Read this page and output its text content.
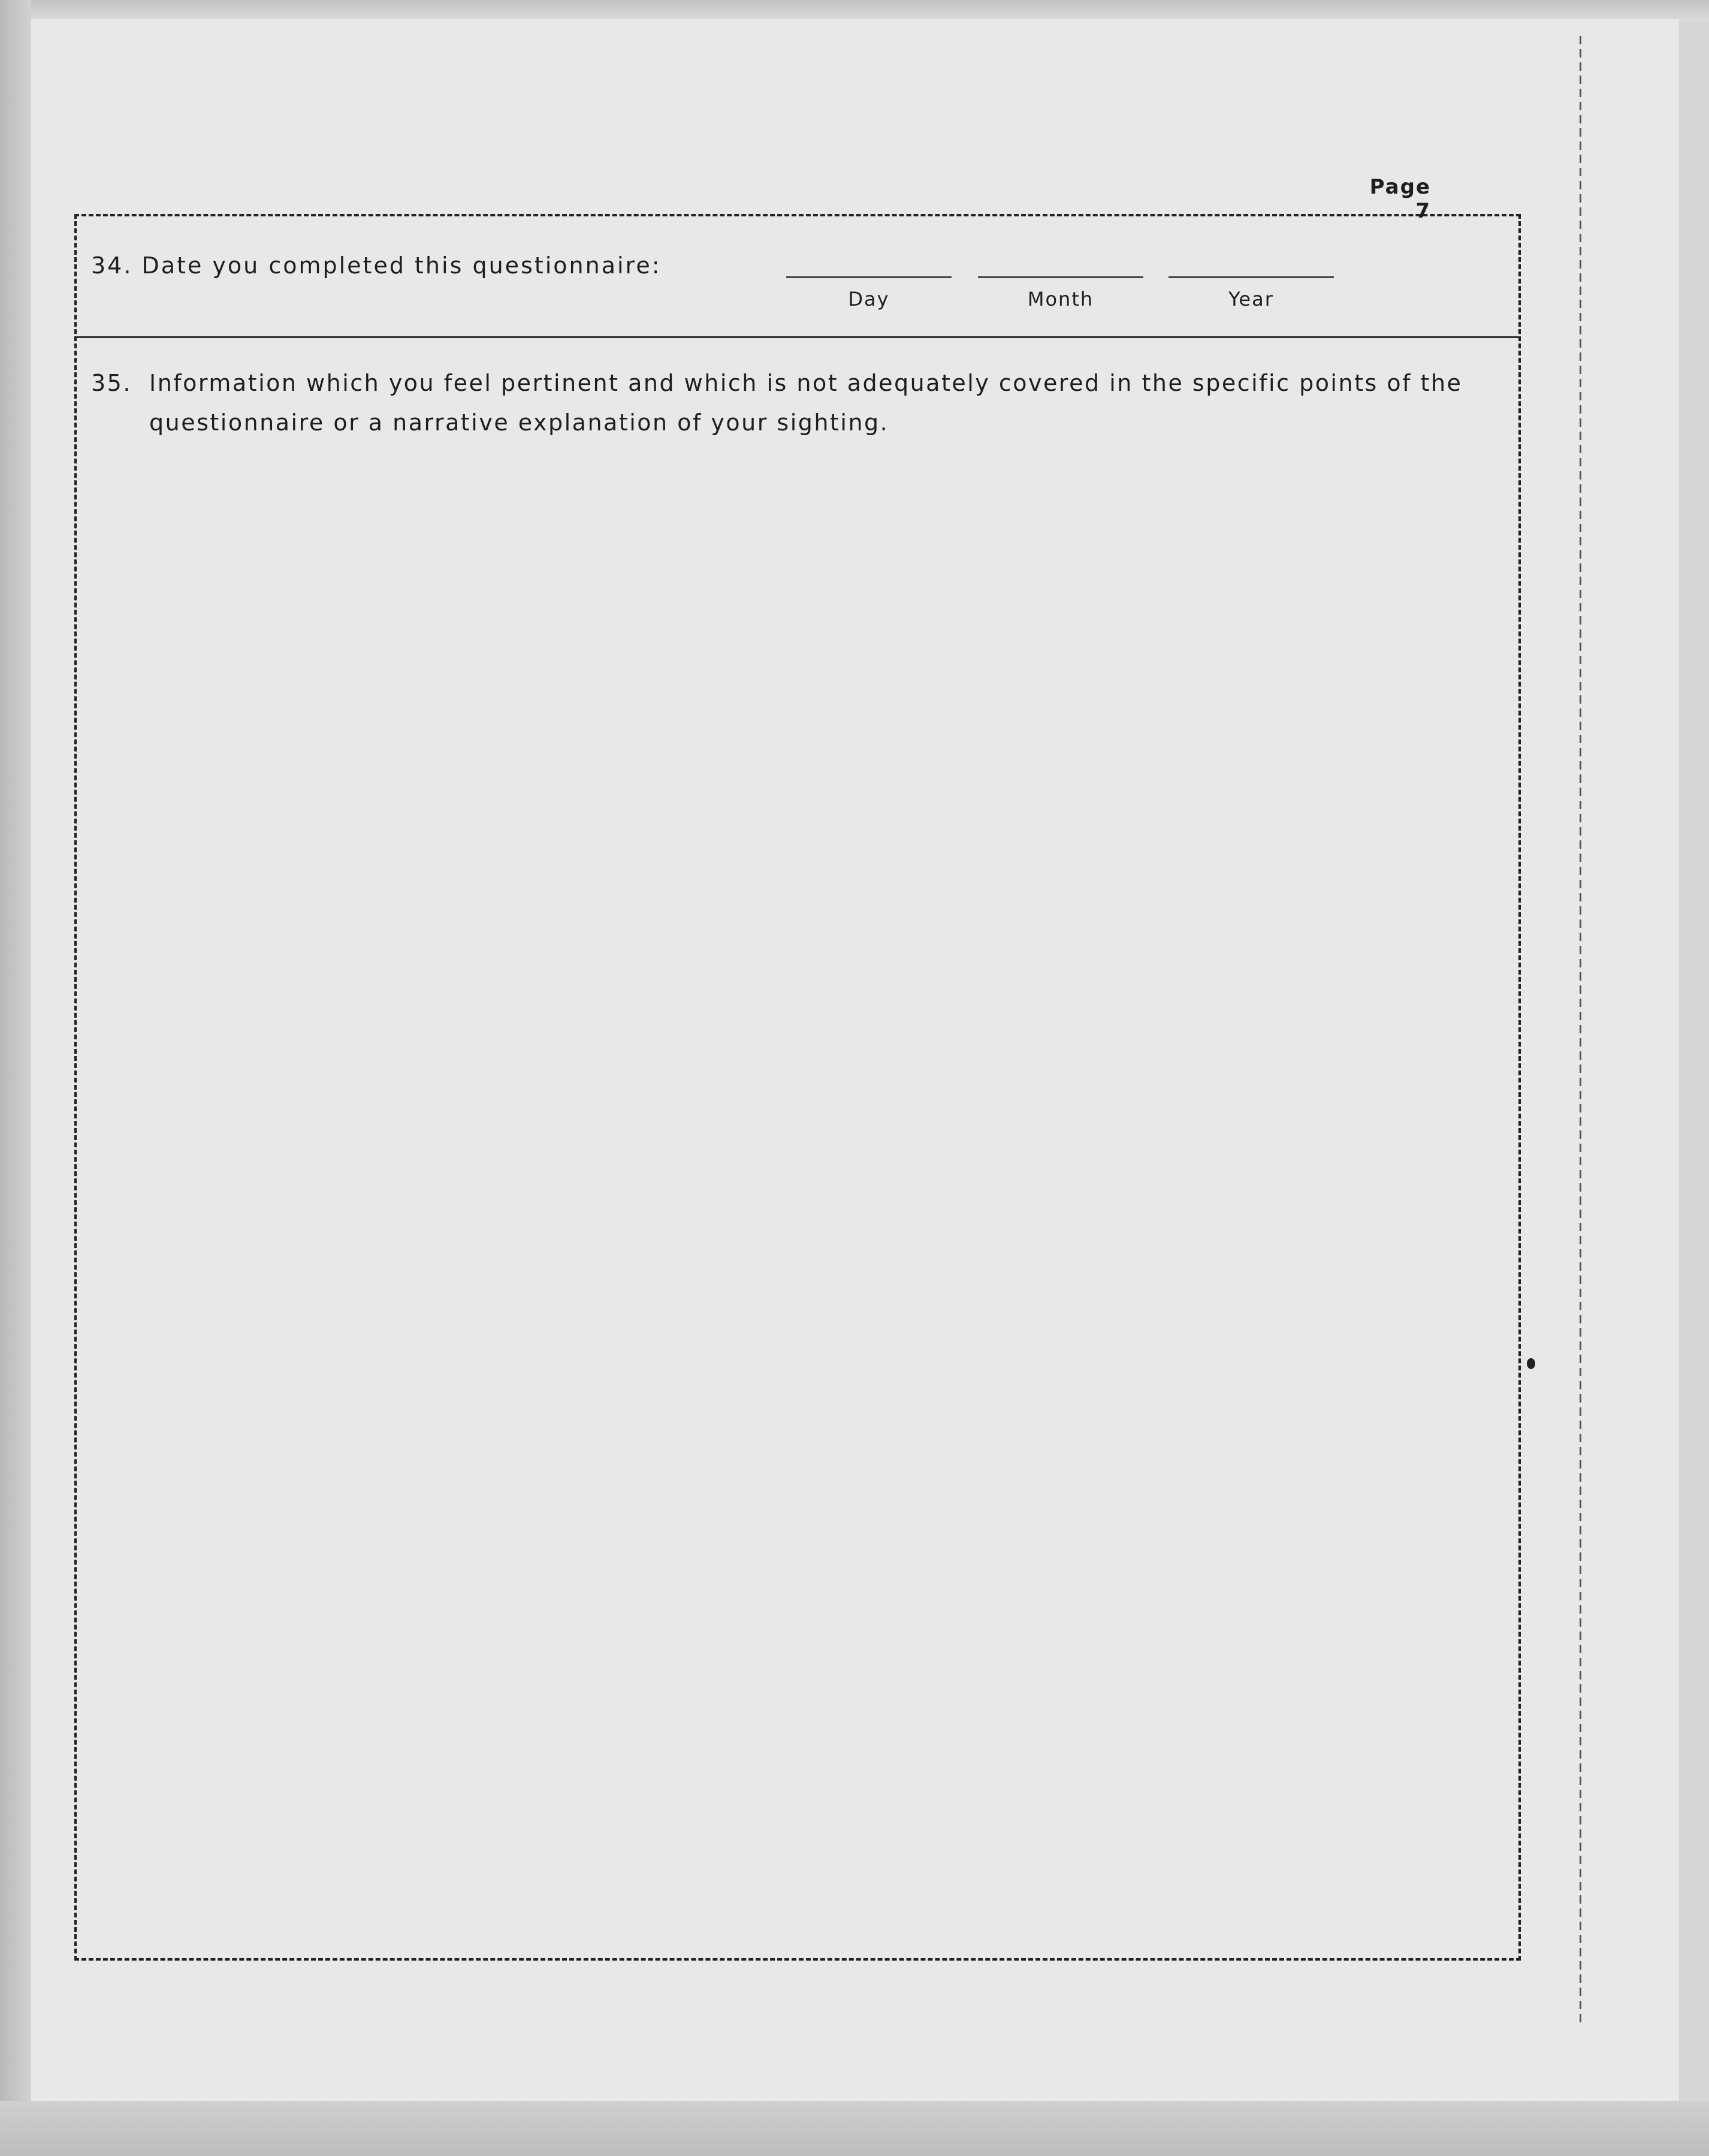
Page 7
34. Date you completed this questionnaire:
Day	Month	Year
35. Information which you feel pertinent and which is not adequately covered in the specific points of the
questionnaire or a narrative explanation of your sighting.
